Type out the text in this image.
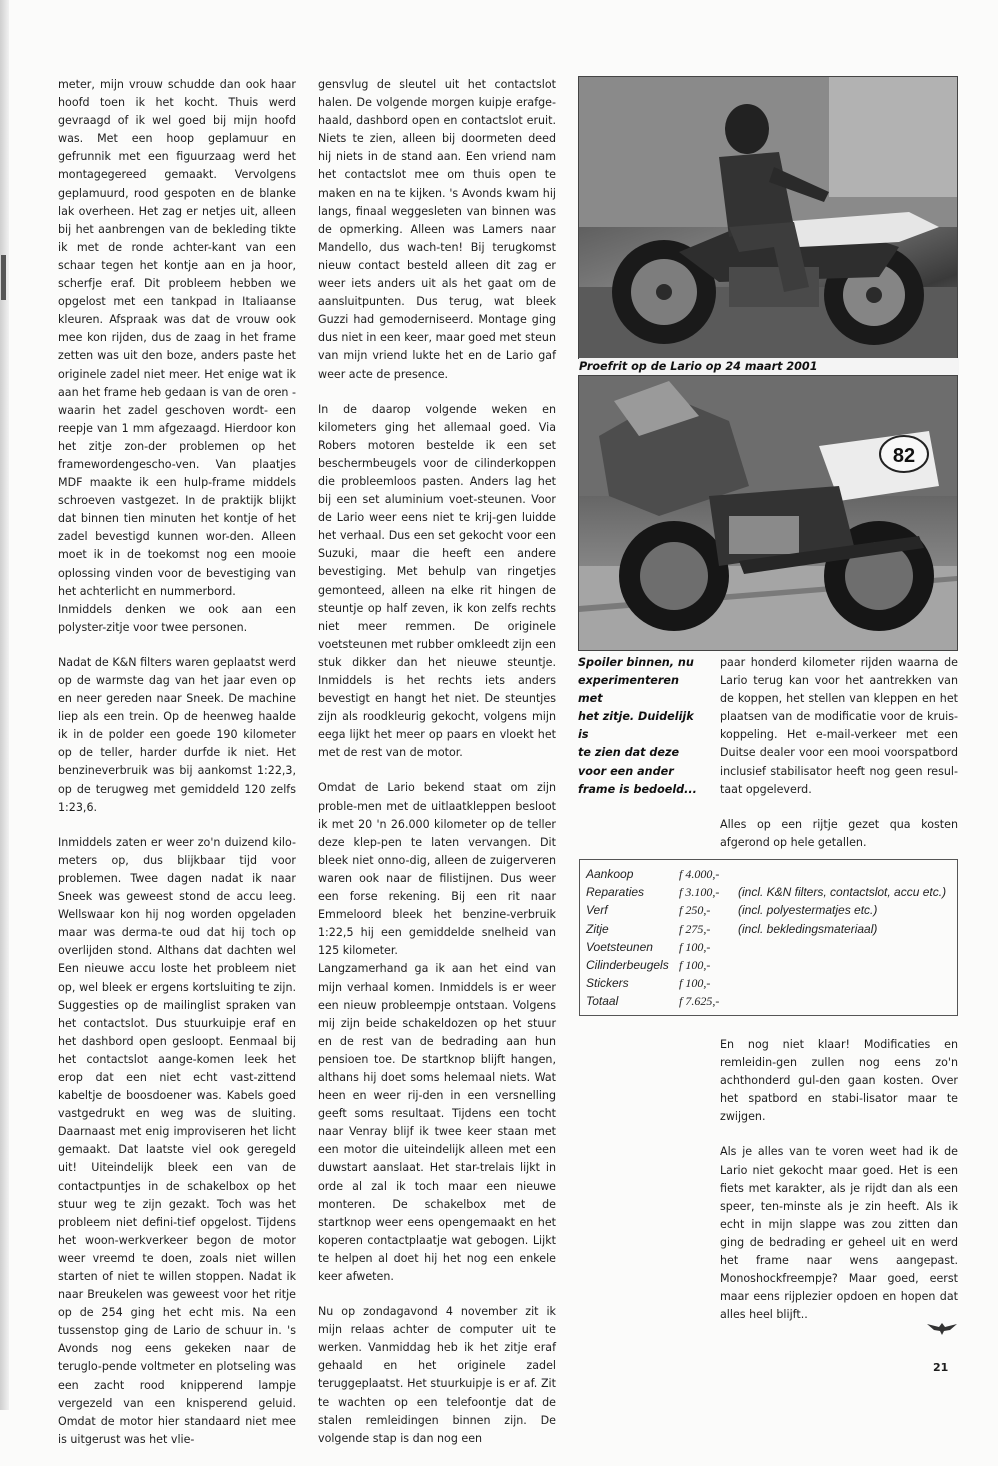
meter, mijn vrouw schudde dan ook haar hoofd toen ik het kocht. Thuis werd gevraagd of ik wel goed bij mijn hoofd was. Met een hoop geplamuur en gefrunnik met een figuurzaag werd het montagegereed gemaakt. Vervolgens geplamuurd, rood gespoten en de blanke lak overheen. Het zag er netjes uit, alleen bij het aanbrengen van de bekleding tikte ik met de ronde achter-kant van een schaar tegen het kontje aan en ja hoor, scherfje eraf. Dit probleem hebben we opgelost met een tankpad in Italiaanse kleuren. Afspraak was dat de vrouw ook mee kon rijden, dus de zaag in het frame zetten was uit den boze, anders paste het originele zadel niet meer. Het enige wat ik aan het frame heb gedaan is van de oren -waarin het zadel geschoven wordt- een reepje van 1 mm afgezaagd. Hierdoor kon het zitje zon-der problemen op het framewordengescho-ven. Van plaatjes MDF maakte ik een hulp-frame middels schroeven vastgezet. In de praktijk blijkt dat binnen tien minuten het kontje of het zadel bevestigd kunnen wor-den. Alleen moet ik in de toekomst nog een mooie oplossing vinden voor de bevestiging van het achterlicht en nummerbord.
Inmiddels denken we ook aan een polyster-zitje voor twee personen.

Nadat de K&N filters waren geplaatst werd op de warmste dag van het jaar even op en neer gereden naar Sneek. De machine liep als een trein. Op de heenweg haalde ik in de polder een goede 190 kilometer op de teller, harder durfde ik niet. Het benzineverbruik was bij aankomst 1:22,3, op de terugweg met gemiddeld 120 zelfs 1:23,6.

Inmiddels zaten er weer zo'n duizend kilo-meters op, dus blijkbaar tijd voor problemen. Twee dagen nadat ik naar Sneek was geweest stond de accu leeg. Wellswaar kon hij nog worden opgeladen maar was derma-te oud dat hij toch op overlijden stond. Althans dat dachten wel Een nieuwe accu loste het probleem niet op, wel bleek er ergens kortsluiting te zijn. Suggesties op de mailinglist spraken van het contactslot. Dus stuurkuipje eraf en het dashbord open gesloopt. Eenmaal bij het contactslot aange-komen leek het erop dat een niet echt vast-zittend kabeltje de boosdoener was. Kabels goed vastgedrukt en weg was de sluiting. Daarnaast met enig improviseren het licht gemaakt. Dat laatste viel ook geregeld uit! Uiteindelijk bleek een van de contactpuntjes in de schakelbox op het stuur weg te zijn gezakt. Toch was het probleem niet defini-tief opgelost. Tijdens het woon-werkverkeer begon de motor weer vreemd te doen, zoals niet willen starten of niet te willen stoppen. Nadat ik naar Breukelen was geweest voor het ritje op de 254 ging het echt mis. Na een tussenstop ging de Lario de schuur in. 's Avonds nog eens gekeken naar de teruglo-pende voltmeter en plotseling was een zacht rood knipperend lampje vergezeld van een knisperend geluid. Omdat de motor hier standaard niet mee is uitgerust was het vlie-

gensvlug de sleutel uit het contactslot halen. De volgende morgen kuipje erafge-haald, dashbord open en contactslot eruit. Niets te zien, alleen bij doormeten deed hij niets in de stand aan. Een vriend nam het contactslot mee om thuis open te maken en na te kijken. 's Avonds kwam hij langs, finaal weggesleten van binnen was de opmerking. Alleen was Lamers naar Mandello, dus wach-ten! Bij terugkomst nieuw contact besteld alleen dit zag er weer iets anders uit als het gaat om de aansluitpunten. Dus terug, wat bleek Guzzi had gemoderniseerd. Montage ging dus niet in een keer, maar goed met steun van mijn vriend lukte het en de Lario gaf weer acte de presence.

In de daarop volgende weken en kilometers ging het allemaal goed. Via Robers motoren bestelde ik een set beschermbeugels voor de cilinderkoppen die probleemloos pasten. Anders lag het bij een set aluminium voet-steunen. Voor de Lario weer eens niet te krij-gen luidde het verhaal. Dus een set gekocht voor een Suzuki, maar die heeft een andere bevestiging. Met behulp van ringetjes gemonteed, alleen na elke rit hingen de steuntje op half zeven, ik kon zelfs rechts niet meer remmen. De originele voetsteunen met rubber omkleedt zijn een stuk dikker dan het nieuwe steuntje. Inmiddels is het rechts iets anders bevestigt en hangt het niet. De steuntjes zijn als roodkleurig gekocht, volgens mijn eega lijkt het meer op paars en vloekt het met de rest van de motor.

Omdat de Lario bekend staat om zijn proble-men met de uitlaatkleppen besloot ik met 20 'n 26.000 kilometer op de teller deze klep-pen te laten vervangen. Dit bleek niet onno-dig, alleen de zuigerveren waren ook naar de filistijnen. Dus weer een forse rekening. Bij een rit naar Emmeloord bleek het benzine-verbruik 1:22,5 hij een gemiddelde snelheid van 125 kilometer.
Langzamerhand ga ik aan het eind van mijn verhaal komen. Inmiddels is er weer een nieuw probleempje ontstaan. Volgens mij zijn beide schakeldozen op het stuur en de rest van de bedrading aan hun pensioen toe. De startknop blijft hangen, althans hij doet soms helemaal niets. Wat heen en weer rij-den in een versnelling geeft soms resultaat. Tijdens een tocht naar Venray blijf ik twee keer staan met een motor die uiteindelijk alleen met een duwstart aanslaat. Het star-trelais lijkt in orde al zal ik toch maar een nieuwe monteren. De schakelbox met de startknop weer eens opengemaakt en het koperen contactplaatje wat gebogen. Lijkt te helpen al doet hij het nog een enkele keer afweten.

Nu op zondagavond 4 november zit ik mijn relaas achter de computer uit te werken. Vanmiddag heb ik het zitje eraf gehaald en het originele zadel teruggeplaatst. Het stuurkuipje is er af. Zit te wachten op een telefoontje dat de stalen remleidingen binnen zijn. De volgende stap is dan nog een

Proefrit op de Lario op 24 maart 2001
82
Spoiler binnen, nu
experimenteren met
het zitje. Duidelijk is
te zien dat deze
voor een ander
frame is bedoeld...

paar honderd kilometer rijden waarna de Lario terug kan voor het aantrekken van de koppen, het stellen van kleppen en het plaatsen van de modificatie voor de kruis-koppeling. Het e-mail-verkeer met een Duitse dealer voor een mooi voorspatbord inclusief stabilisator heeft nog geen resul-taat opgeleverd.

Alles op een rijtje gezet qua kosten afgerond op hele getallen.

Aankoop	f 4.000,-	
Reparaties	f 3.100,-	(incl. K&N filters, contactslot, accu etc.)
Verf	f 250,-	(incl. polyestermatjes etc.)
Zitje	f 275,-	(incl. bekledingsmateriaal)
Voetsteunen	f 100,-	
Cilinderbeugels	f 100,-	
Stickers	f 100,-	
Totaal	f 7.625,-	

En nog niet klaar! Modificaties en remleidin-gen zullen nog eens zo'n achthonderd gul-den gaan kosten. Over het spatbord en stabi-lisator maar te zwijgen.

Als je alles van te voren weet had ik de Lario niet gekocht maar goed. Het is een fiets met karakter, als je rijdt dan als een speer, ten-minste als je zin heeft. Als ik echt in mijn slappe was zou zitten dan ging de bedrading er geheel uit en werd het frame naar wens aangepast. Monoshockfreempje? Maar goed, eerst maar eens rijplezier opdoen en hopen dat alles heel blijft..

21
